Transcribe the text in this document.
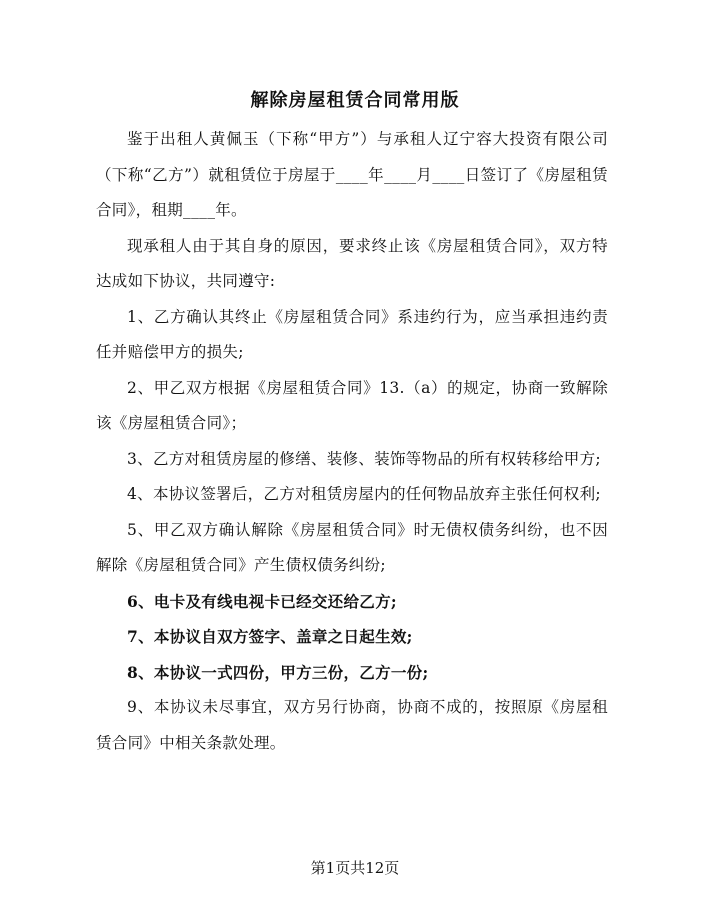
解除房屋租赁合同常用版

鉴于出租人黄佩玉（下称“甲方”）与承租人辽宁容大投资有限公司（下称“乙方”）就租赁位于房屋于____年____月____日签订了《房屋租赁合同》，租期____年。

现承租人由于其自身的原因，要求终止该《房屋租赁合同》，双方特达成如下协议，共同遵守:

1、乙方确认其终止《房屋租赁合同》系违约行为，应当承担违约责任并赔偿甲方的损失;

2、甲乙双方根据《房屋租赁合同》13.（a）的规定，协商一致解除该《房屋租赁合同》；

3、乙方对租赁房屋的修缮、装修、装饰等物品的所有权转移给甲方;

4、本协议签署后，乙方对租赁房屋内的任何物品放弃主张任何权利;

5、甲乙双方确认解除《房屋租赁合同》时无债权债务纠纷，也不因解除《房屋租赁合同》产生债权债务纠纷;

6、电卡及有线电视卡已经交还给乙方;

7、本协议自双方签字、盖章之日起生效;

8、本协议一式四份，甲方三份，乙方一份;

9、本协议未尽事宜，双方另行协商，协商不成的，按照原《房屋租赁合同》中相关条款处理。

第1页共12页
